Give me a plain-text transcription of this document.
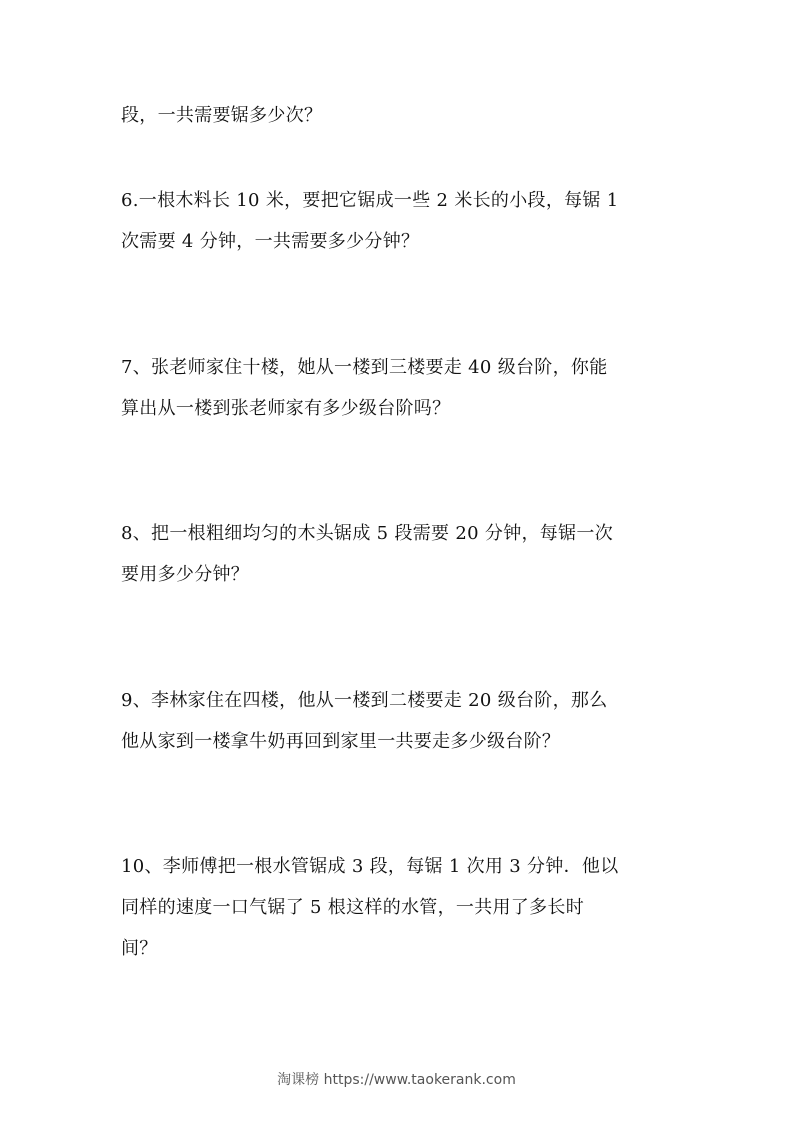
段，一共需要锯多少次？
6.一根木料长 10 米，要把它锯成一些 2 米长的小段，每锯 1
次需要 4 分钟，一共需要多少分钟？
7、张老师家住十楼，她从一楼到三楼要走 40 级台阶，你能
算出从一楼到张老师家有多少级台阶吗？
8、把一根粗细均匀的木头锯成 5 段需要 20 分钟，每锯一次
要用多少分钟？
9、李林家住在四楼，他从一楼到二楼要走 20 级台阶，那么
他从家到一楼拿牛奶再回到家里一共要走多少级台阶？
10、李师傅把一根水管锯成 3 段，每锯 1 次用 3 分钟．他以
同样的速度一口气锯了 5 根这样的水管，一共用了多长时
间？
淘课榜 https://www.taokerank.com
